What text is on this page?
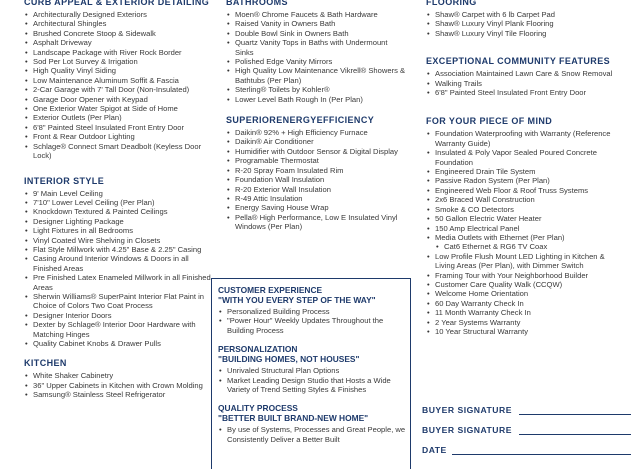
CURB APPEAL & EXTERIOR DETAILING
• Architecturally Designed Exteriors
• Architectural Shingles
• Brushed Concrete Stoop & Sidewalk
• Asphalt Driveway
• Landscape Package with River Rock Border
• Sod Per Lot Survey & Irrigation
• High Quality Vinyl Siding
• Low Maintenance Aluminum Soffit & Fascia
• 2-Car Garage with 7' Tall Door (Non-Insulated)
• Garage Door Opener with Keypad
• One Exterior Water Spigot at Side of Home
• Exterior Outlets (Per Plan)
• 6'8" Painted Steel Insulated Front Entry Door
• Front & Rear Outdoor Lighting
• Schlage® Connect Smart Deadbolt (Keyless Door Lock)
INTERIOR STYLE
• 9' Main Level Ceiling
• 7'10" Lower Level Ceiling (Per Plan)
• Knockdown Textured & Painted Ceilings
• Designer Lighting Package
• Light Fixtures in all Bedrooms
• Vinyl Coated Wire Shelving in Closets
• Flat Style Millwork with 4.25" Base & 2.25" Casing
• Casing Around Interior Windows & Doors in all Finished Areas
• Pre Finished Latex Enameled Millwork in all Finished Areas
• Sherwin Williams® SuperPaint Interior Flat Paint in Choice of Colors Two Coat Process
• Designer Interior Doors
• Dexter by Schlage® Interior Door Hardware with Matching Hinges
• Quality Cabinet Knobs & Drawer Pulls
KITCHEN
• White Shaker Cabinetry
• 36" Upper Cabinets in Kitchen with Crown Molding
• Samsung® Stainless Steel Refrigerator
BATHROOMS
• Moen® Chrome Faucets & Bath Hardware
• Raised Vanity in Owners Bath
• Double Bowl Sink in Owners Bath
• Quartz Vanity Tops in Baths with Undermount Sinks
• Polished Edge Vanity Mirrors
• High Quality Low Maintenance Vikrell® Showers & Bathtubs (Per Plan)
• Sterling® Toilets by Kohler®
• Lower Level Bath Rough In (Per Plan)
SUPERIORENERGYEFFICIENCY
• Daikin® 92% + High Efficiency Furnace
• Daikin® Air Conditioner
• Humidifier with Outdoor Sensor & Digital Display
• Programable Thermostat
• R-20 Spray Foam Insulated Rim
• Foundation Wall Insulation
• R-20 Exterior Wall Insulation
• R-49 Attic Insulation
• Energy Saving House Wrap
• Pella® High Performance, Low E Insulated Vinyl Windows (Per Plan)
CUSTOMER EXPERIENCE
"WITH YOU EVERY STEP OF THE WAY"
• Personalized Building Process
• "Power Hour" Weekly Updates Throughout the Building Process
PERSONALIZATION
"BUILDING HOMES, NOT HOUSES"
• Unrivaled Structural Plan Options
• Market Leading Design Studio that Hosts a Wide Variety of Trend Setting Styles & Finishes
QUALITY PROCESS
"BETTER BUILT BRAND-NEW HOME"
• By use of Systems, Processes and Great People, we Consistently Deliver a Better Built
FLOORING
• Shaw® Carpet with 6 lb Carpet Pad
• Shaw® Luxury Vinyl Plank Flooring
• Shaw® Luxury Vinyl Tile Flooring
EXCEPTIONAL COMMUNITY FEATURES
• Association Maintained Lawn Care & Snow Removal
• Walking Trails
• 6'8" Painted Steel Insulated Front Entry Door
FOR YOUR PIECE OF MIND
• Foundation Waterproofing with Warranty (Reference Warranty Guide)
• Insulated & Poly Vapor Sealed Poured Concrete Foundation
• Engineered Drain Tile System
• Passive Radon System (Per Plan)
• Engineered Web Floor & Roof Truss Systems
• 2x6 Braced Wall Construction
• Smoke & CO Detectors
• 50 Gallon Electric Water Heater
• 150 Amp Electrical Panel
• Media Outlets with Ethernet (Per Plan)
• Cat6 Ethernet & RG6 TV Coax
• Low Profile Flush Mount LED Lighting in Kitchen & Living Areas (Per Plan), with Dimmer Switch
• Framing Tour with Your Neighborhood Builder
• Customer Care Quality Walk (CCQW)
• Welcome Home Orientation
• 60 Day Warranty Check In
• 11 Month Warranty Check In
• 2 Year Systems Warranty
• 10 Year Structural Warranty
BUYER SIGNATURE
BUYER SIGNATURE
DATE
